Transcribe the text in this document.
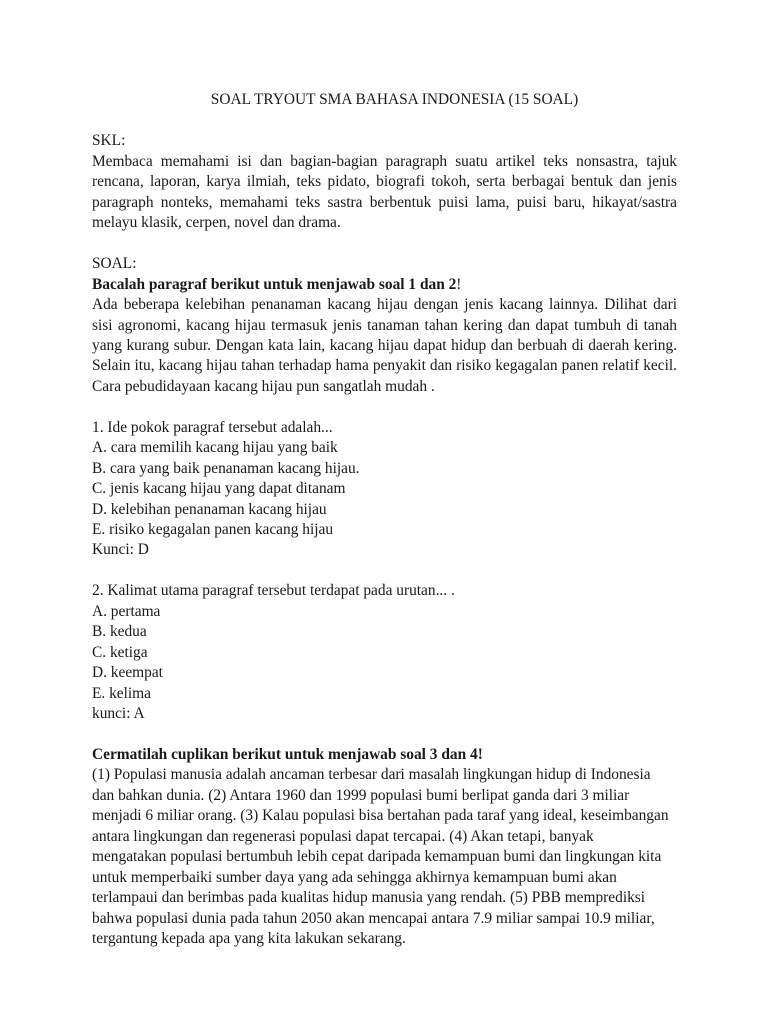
SOAL TRYOUT SMA BAHASA INDONESIA (15 SOAL)

SKL:

Membaca memahami isi dan bagian-bagian paragraph suatu artikel teks nonsastra, tajuk rencana, laporan, karya ilmiah, teks pidato, biografi tokoh, serta berbagai bentuk dan jenis paragraph nonteks, memahami teks sastra berbentuk puisi lama, puisi baru, hikayat/sastra melayu klasik, cerpen, novel dan drama.

SOAL:

Bacalah paragraf berikut untuk menjawab soal 1 dan 2!

Ada beberapa kelebihan penanaman kacang hijau dengan jenis kacang lainnya. Dilihat dari sisi agronomi, kacang hijau termasuk jenis tanaman tahan kering dan dapat tumbuh di tanah yang kurang subur. Dengan kata lain, kacang hijau dapat hidup dan berbuah di daerah kering. Selain itu, kacang hijau tahan terhadap hama penyakit dan risiko kegagalan panen relatif kecil. Cara pebudidayaan kacang hijau pun sangatlah mudah .

1. Ide pokok paragraf tersebut adalah...

A. cara memilih kacang hijau yang baik

B. cara yang baik penanaman kacang hijau.

C. jenis kacang hijau yang dapat ditanam

D. kelebihan penanaman kacang hijau

E. risiko kegagalan panen kacang hijau

Kunci: D

2. Kalimat utama paragraf tersebut terdapat pada urutan... .

A. pertama

B. kedua

C. ketiga

D. keempat

E. kelima

kunci: A

Cermatilah cuplikan berikut untuk menjawab soal 3 dan 4!

(1) Populasi manusia adalah ancaman terbesar dari masalah lingkungan hidup di Indonesia

dan bahkan dunia. (2) Antara 1960 dan 1999 populasi bumi berlipat ganda dari 3 miliar

menjadi 6 miliar orang. (3) Kalau populasi bisa bertahan pada taraf yang ideal, keseimbangan

antara lingkungan dan regenerasi populasi dapat tercapai. (4) Akan tetapi, banyak

mengatakan populasi bertumbuh lebih cepat daripada kemampuan bumi dan lingkungan kita

untuk memperbaiki sumber daya yang ada sehingga akhirnya kemampuan bumi akan

terlampaui dan berimbas pada kualitas hidup manusia yang rendah. (5) PBB memprediksi

bahwa populasi dunia pada tahun 2050 akan mencapai antara 7.9 miliar sampai 10.9 miliar,

tergantung kepada apa yang kita lakukan sekarang.
